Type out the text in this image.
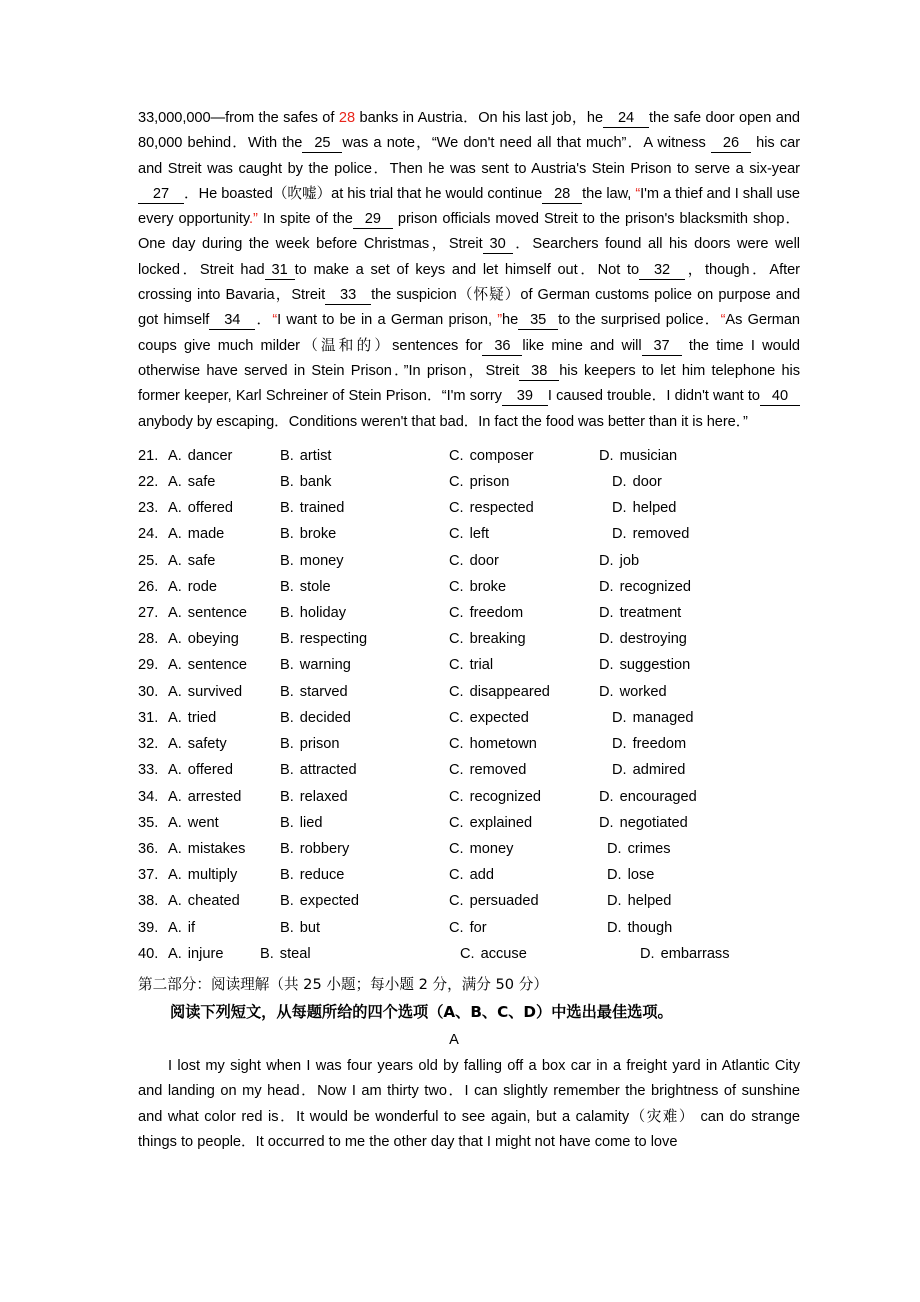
33,000,000—from the safes of 28 banks in Austria．On his last job，he 24 the safe door open and 80,000 behind．With the 25 was a note，“We don't need all that much”．A witness 26 his car and Streit was caught by the police．Then he was sent to Austria's Stein Prison to serve a six-year27 ．He boasted（吹嘘）at his trial that he would continue 28 the law, “I'm a thief and I shall use every opportunity.” In spite of the 29 prison officials moved Streit to the prison's blacksmith shop．One day during the week before Christmas，Streit 30 ．Searchers found all his doors were well locked．Streit had 31 to make a set of keys and let himself out．Not to 32 ，though．After crossing into Bavaria，Streit 33 the suspicion（怀疑）of German customs police on purpose and got himself 34 ．“I want to be in a German prison, ”he 35 to the surprised police．“As German coups give much milder（温和的）sentences for 36 like mine and will 37 the time I would otherwise have served in Stein Prison．”In prison，Streit 38 his keepers to let him telephone his former keeper, Karl Schreiner of Stein Prison．“I'm sorry 39 I caused trouble．I didn't want to 40anybody by escaping．Conditions weren't that bad．In fact the food was better than it is here．”

21. A. dancer	B. artist	C. composer	D. musician
22. A. safe	B. bank	C. prison	D. door
23. A. offered	B. trained	C. respected	D. helped
24. A. made	B. broke	C. left	D. removed
25. A. safe	B. money	C. door	D. job
26. A. rode	B. stole	C. broke	D. recognized
27. A. sentence	B. holiday	C. freedom	D. treatment
28. A. obeying	B. respecting	C. breaking	D. destroying
29. A. sentence	B. warning	C. trial	D. suggestion
30. A. survived	B. starved	C. disappeared	D. worked
31. A. tried	B. decided	C. expected	D. managed
32. A. safety	B. prison	C. hometown	D. freedom
33. A. offered	B. attracted	C. removed	D. admired
34. A. arrested	B. relaxed	C. recognized	D. encouraged
35. A. went	B. lied	C. explained	D. negotiated
36. A. mistakes	B. robbery	C. money	D. crimes
37. A. multiply	B. reduce	C. add	D. lose
38. A. cheated	B. expected	C. persuaded	D. helped
39. A. if	B. but	C. for	D. though
40. A. injure	B. steal	C. accuse	D. embarrass
第二部分：阅读理解（共 25 小题；每小题 2 分，满分 50 分）
阅读下列短文，从每题所给的四个选项（A、B、C、D）中选出最佳选项。
A

I lost my sight when I was four years old by falling off a box car in a freight yard in Atlantic City and landing on my head．Now I am thirty two．I can slightly remember the brightness of sunshine and what color red is．It would be wonderful to see again, but a calamity（灾难） can do strange things to people．It occurred to me the other day that I might not have come to love
